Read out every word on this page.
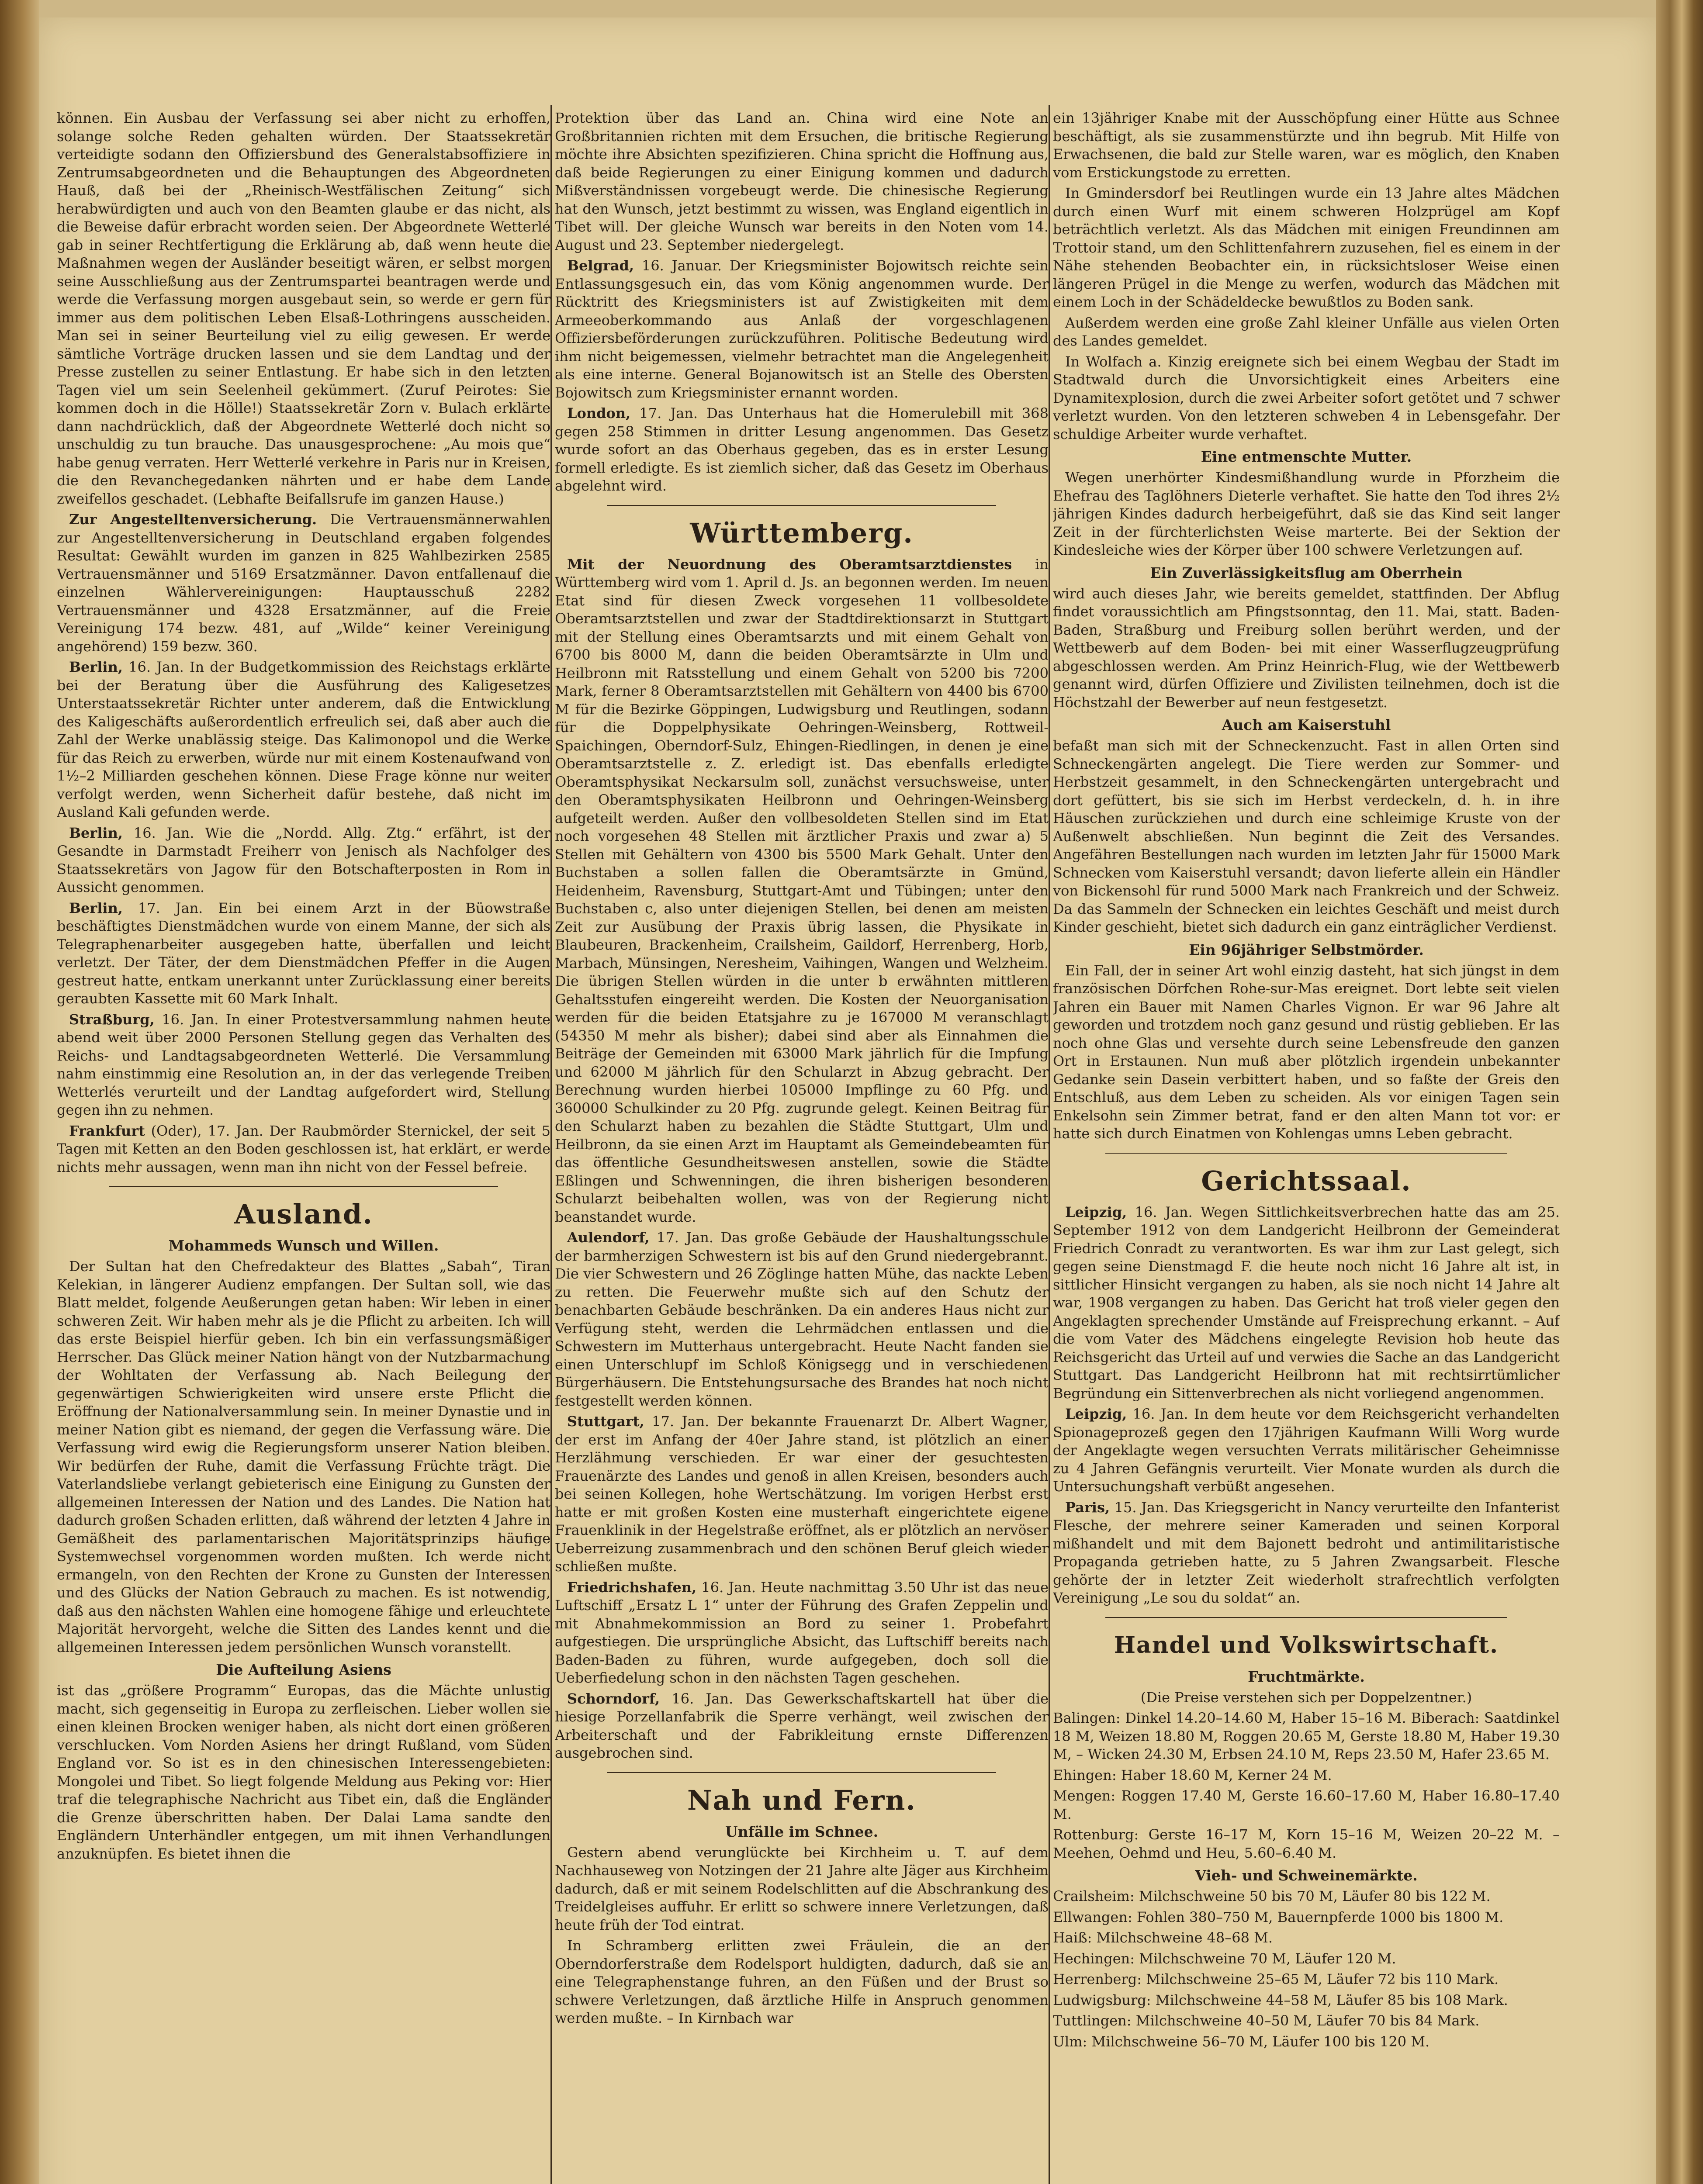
können. Ein Ausbau der Verfassung sei aber nicht zu erhoffen, solange solche Reden gehalten würden. Der Staatssekretär verteidigte sodann den Offiziersbund des Generalstabsoffiziere in Zentrumsabgeordneten und die Behauptungen des Abgeordneten Hauß, daß bei der „Rheinisch-Westfälischen Zeitung“ sich herabwürdigten und auch von den Beamten glaube er das nicht, als die Beweise dafür erbracht worden seien. Der Abgeordnete Wetterlé gab in seiner Rechtfertigung die Erklärung ab, daß wenn heute die Maßnahmen wegen der Ausländer beseitigt wären, er selbst morgen seine Ausschließung aus der Zentrumspartei beantragen werde und werde die Verfassung morgen ausgebaut sein, so werde er gern für immer aus dem politischen Leben Elsaß-Lothringens ausscheiden. Man sei in seiner Beurteilung viel zu eilig gewesen. Er werde sämtliche Vorträge drucken lassen und sie dem Landtag und der Presse zustellen zu seiner Entlastung. Er habe sich in den letzten Tagen viel um sein Seelenheil gekümmert. (Zuruf Peirotes: Sie kommen doch in die Hölle!) Staatssekretär Zorn v. Bulach erklärte dann nachdrücklich, daß der Abgeordnete Wetterlé doch nicht so unschuldig zu tun brauche. Das unausgesprochene: „Au mois que“ habe genug verraten. Herr Wetterlé verkehre in Paris nur in Kreisen, die den Revanchegedanken nährten und er habe dem Lande zweifellos geschadet. (Lebhafte Beifallsrufe im ganzen Hause.)

Zur Angestelltenversicherung. Die Vertrauensmännerwahlen zur Angestelltenversicherung in Deutschland ergaben folgendes Resultat: Gewählt wurden im ganzen in 825 Wahlbezirken 2585 Vertrauensmänner und 5169 Ersatzmänner. Davon entfallenauf die einzelnen Wählervereinigungen: Hauptausschuß 2282 Vertrauensmänner und 4328 Ersatzmänner, auf die Freie Vereinigung 174 bezw. 481, auf „Wilde“ keiner Vereinigung angehörend) 159 bezw. 360.

Berlin, 16. Jan. In der Budgetkommission des Reichstags erklärte bei der Beratung über die Ausführung des Kaligesetzes Unterstaatssekretär Richter unter anderem, daß die Entwicklung des Kaligeschäfts außerordentlich erfreulich sei, daß aber auch die Zahl der Werke unablässig steige. Das Kalimonopol und die Werke für das Reich zu erwerben, würde nur mit einem Kostenaufwand von 1½–2 Milliarden geschehen können. Diese Frage könne nur weiter verfolgt werden, wenn Sicherheit dafür bestehe, daß nicht im Ausland Kali gefunden werde.

Berlin, 16. Jan. Wie die „Nordd. Allg. Ztg.“ erfährt, ist der Gesandte in Darmstadt Freiherr von Jenisch als Nachfolger des Staatssekretärs von Jagow für den Botschafterposten in Rom in Aussicht genommen.

Berlin, 17. Jan. Ein bei einem Arzt in der Büowstraße beschäftigtes Dienstmädchen wurde von einem Manne, der sich als Telegraphenarbeiter ausgegeben hatte, überfallen und leicht verletzt. Der Täter, der dem Dienstmädchen Pfeffer in die Augen gestreut hatte, entkam unerkannt unter Zurücklassung einer bereits geraubten Kassette mit 60 Mark Inhalt.

Straßburg, 16. Jan. In einer Protestversammlung nahmen heute abend weit über 2000 Personen Stellung gegen das Verhalten des Reichs- und Landtagsabgeordneten Wetterlé. Die Versammlung nahm einstimmig eine Resolution an, in der das verlegende Treiben Wetterlés verurteilt und der Landtag aufgefordert wird, Stellung gegen ihn zu nehmen.

Frankfurt (Oder), 17. Jan. Der Raubmörder Sternickel, der seit 5 Tagen mit Ketten an den Boden geschlossen ist, hat erklärt, er werde nichts mehr aussagen, wenn man ihn nicht von der Fessel befreie.

Ausland.
Mohammeds Wunsch und Willen.

Der Sultan hat den Chefredakteur des Blattes „Sabah“, Tiran Kelekian, in längerer Audienz empfangen. Der Sultan soll, wie das Blatt meldet, folgende Aeußerungen getan haben: Wir leben in einer schweren Zeit. Wir haben mehr als je die Pflicht zu arbeiten. Ich will das erste Beispiel hierfür geben. Ich bin ein verfassungsmäßiger Herrscher. Das Glück meiner Nation hängt von der Nutzbarmachung der Wohltaten der Verfassung ab. Nach Beilegung der gegenwärtigen Schwierigkeiten wird unsere erste Pflicht die Eröffnung der Nationalversammlung sein. In meiner Dynastie und in meiner Nation gibt es niemand, der gegen die Verfassung wäre. Die Verfassung wird ewig die Regierungsform unserer Nation bleiben. Wir bedürfen der Ruhe, damit die Verfassung Früchte trägt. Die Vaterlandsliebe verlangt gebieterisch eine Einigung zu Gunsten der allgemeinen Interessen der Nation und des Landes. Die Nation hat dadurch großen Schaden erlitten, daß während der letzten 4 Jahre in Gemäßheit des parlamentarischen Majoritätsprinzips häufige Systemwechsel vorgenommen worden mußten. Ich werde nicht ermangeln, von den Rechten der Krone zu Gunsten der Interessen und des Glücks der Nation Gebrauch zu machen. Es ist notwendig, daß aus den nächsten Wahlen eine homogene fähige und erleuchtete Majorität hervorgeht, welche die Sitten des Landes kennt und die allgemeinen Interessen jedem persönlichen Wunsch voranstellt.

Die Aufteilung Asiens

ist das „größere Programm“ Europas, das die Mächte unlustig macht, sich gegenseitig in Europa zu zerfleischen. Lieber wollen sie einen kleinen Brocken weniger haben, als nicht dort einen größeren verschlucken. Vom Norden Asiens her dringt Rußland, vom Süden England vor. So ist es in den chinesischen Interessengebieten: Mongolei und Tibet. So liegt folgende Meldung aus Peking vor: Hier traf die telegraphische Nachricht aus Tibet ein, daß die Engländer die Grenze überschritten haben. Der Dalai Lama sandte den Engländern Unterhändler entgegen, um mit ihnen Verhandlungen anzuknüpfen. Es bietet ihnen die

Protektion über das Land an. China wird eine Note an Großbritannien richten mit dem Ersuchen, die britische Regierung möchte ihre Absichten spezifizieren. China spricht die Hoffnung aus, daß beide Regierungen zu einer Einigung kommen und dadurch Mißverständnissen vorgebeugt werde. Die chinesische Regierung hat den Wunsch, jetzt bestimmt zu wissen, was England eigentlich in Tibet will. Der gleiche Wunsch war bereits in den Noten vom 14. August und 23. September niedergelegt.

Belgrad, 16. Januar. Der Kriegsminister Bojowitsch reichte sein Entlassungsgesuch ein, das vom König angenommen wurde. Der Rücktritt des Kriegsministers ist auf Zwistigkeiten mit dem Armeeoberkommando aus Anlaß der vorgeschlagenen Offiziersbeförderungen zurückzuführen. Politische Bedeutung wird ihm nicht beigemessen, vielmehr betrachtet man die Angelegenheit als eine interne. General Bojanowitsch ist an Stelle des Obersten Bojowitsch zum Kriegsminister ernannt worden.

London, 17. Jan. Das Unterhaus hat die Homerulebill mit 368 gegen 258 Stimmen in dritter Lesung angenommen. Das Gesetz wurde sofort an das Oberhaus gegeben, das es in erster Lesung formell erledigte. Es ist ziemlich sicher, daß das Gesetz im Oberhaus abgelehnt wird.

Württemberg.

Mit der Neuordnung des Oberamtsarztdienstes in Württemberg wird vom 1. April d. Js. an begonnen werden. Im neuen Etat sind für diesen Zweck vorgesehen 11 vollbesoldete Oberamtsarztstellen und zwar der Stadtdirektionsarzt in Stuttgart mit der Stellung eines Oberamtsarzts und mit einem Gehalt von 6700 bis 8000 M, dann die beiden Oberamtsärzte in Ulm und Heilbronn mit Ratsstellung und einem Gehalt von 5200 bis 7200 Mark, ferner 8 Oberamtsarztstellen mit Gehältern von 4400 bis 6700 M für die Bezirke Göppingen, Ludwigsburg und Reutlingen, sodann für die Doppelphysikate Oehringen-Weinsberg, Rottweil-Spaichingen, Oberndorf-Sulz, Ehingen-Riedlingen, in denen je eine Oberamtsarztstelle z. Z. erledigt ist. Das ebenfalls erledigte Oberamtsphysikat Neckarsulm soll, zunächst versuchsweise, unter den Oberamtsphysikaten Heilbronn und Oehringen-Weinsberg aufgeteilt werden. Außer den vollbesoldeten Stellen sind im Etat noch vorgesehen 48 Stellen mit ärztlicher Praxis und zwar a) 5 Stellen mit Gehältern von 4300 bis 5500 Mark Gehalt. Unter den Buchstaben a sollen fallen die Oberamtsärzte in Gmünd, Heidenheim, Ravensburg, Stuttgart-Amt und Tübingen; unter den Buchstaben c, also unter diejenigen Stellen, bei denen am meisten Zeit zur Ausübung der Praxis übrig lassen, die Physikate in Blaubeuren, Brackenheim, Crailsheim, Gaildorf, Herrenberg, Horb, Marbach, Münsingen, Neresheim, Vaihingen, Wangen und Welzheim. Die übrigen Stellen würden in die unter b erwähnten mittleren Gehaltsstufen eingereiht werden. Die Kosten der Neuorganisation werden für die beiden Etatsjahre zu je 167000 M veranschlagt (54350 M mehr als bisher); dabei sind aber als Einnahmen die Beiträge der Gemeinden mit 63000 Mark jährlich für die Impfung und 62000 M jährlich für den Schularzt in Abzug gebracht. Der Berechnung wurden hierbei 105000 Impflinge zu 60 Pfg. und 360000 Schulkinder zu 20 Pfg. zugrunde gelegt. Keinen Beitrag für den Schularzt haben zu bezahlen die Städte Stuttgart, Ulm und Heilbronn, da sie einen Arzt im Hauptamt als Gemeindebeamten für das öffentliche Gesundheitswesen anstellen, sowie die Städte Eßlingen und Schwenningen, die ihren bisherigen besonderen Schularzt beibehalten wollen, was von der Regierung nicht beanstandet wurde.

Aulendorf, 17. Jan. Das große Gebäude der Haushaltungsschule der barmherzigen Schwestern ist bis auf den Grund niedergebrannt. Die vier Schwestern und 26 Zöglinge hatten Mühe, das nackte Leben zu retten. Die Feuerwehr mußte sich auf den Schutz der benachbarten Gebäude beschränken. Da ein anderes Haus nicht zur Verfügung steht, werden die Lehrmädchen entlassen und die Schwestern im Mutterhaus untergebracht. Heute Nacht fanden sie einen Unterschlupf im Schloß Königsegg und in verschiedenen Bürgerhäusern. Die Entstehungsursache des Brandes hat noch nicht festgestellt werden können.

Stuttgart, 17. Jan. Der bekannte Frauenarzt Dr. Albert Wagner, der erst im Anfang der 40er Jahre stand, ist plötzlich an einer Herzlähmung verschieden. Er war einer der gesuchtesten Frauenärzte des Landes und genoß in allen Kreisen, besonders auch bei seinen Kollegen, hohe Wertschätzung. Im vorigen Herbst erst hatte er mit großen Kosten eine musterhaft eingerichtete eigene Frauenklinik in der Hegelstraße eröffnet, als er plötzlich an nervöser Ueberreizung zusammenbrach und den schönen Beruf gleich wieder schließen mußte.

Friedrichshafen, 16. Jan. Heute nachmittag 3.50 Uhr ist das neue Luftschiff „Ersatz L 1“ unter der Führung des Grafen Zeppelin und mit Abnahmekommission an Bord zu seiner 1. Probefahrt aufgestiegen. Die ursprüngliche Absicht, das Luftschiff bereits nach Baden-Baden zu führen, wurde aufgegeben, doch soll die Ueberfiedelung schon in den nächsten Tagen geschehen.

Schorndorf, 16. Jan. Das Gewerkschaftskartell hat über die hiesige Porzellanfabrik die Sperre verhängt, weil zwischen der Arbeiterschaft und der Fabrikleitung ernste Differenzen ausgebrochen sind.

Nah und Fern.
Unfälle im Schnee.

Gestern abend verunglückte bei Kirchheim u. T. auf dem Nachhauseweg von Notzingen der 21 Jahre alte Jäger aus Kirchheim dadurch, daß er mit seinem Rodelschlitten auf die Abschrankung des Treidelgleises auffuhr. Er erlitt so schwere innere Verletzungen, daß heute früh der Tod eintrat.

In Schramberg erlitten zwei Fräulein, die an der Oberndorferstraße dem Rodelsport huldigten, dadurch, daß sie an eine Telegraphenstange fuhren, an den Füßen und der Brust so schwere Verletzungen, daß ärztliche Hilfe in Anspruch genommen werden mußte. – In Kirnbach war

ein 13jähriger Knabe mit der Ausschöpfung einer Hütte aus Schnee beschäftigt, als sie zusammenstürzte und ihn begrub. Mit Hilfe von Erwachsenen, die bald zur Stelle waren, war es möglich, den Knaben vom Erstickungstode zu erretten.

In Gmindersdorf bei Reutlingen wurde ein 13 Jahre altes Mädchen durch einen Wurf mit einem schweren Holzprügel am Kopf beträchtlich verletzt. Als das Mädchen mit einigen Freundinnen am Trottoir stand, um den Schlittenfahrern zuzusehen, fiel es einem in der Nähe stehenden Beobachter ein, in rücksichtsloser Weise einen längeren Prügel in die Menge zu werfen, wodurch das Mädchen mit einem Loch in der Schädeldecke bewußtlos zu Boden sank.

Außerdem werden eine große Zahl kleiner Unfälle aus vielen Orten des Landes gemeldet.

In Wolfach a. Kinzig ereignete sich bei einem Wegbau der Stadt im Stadtwald durch die Unvorsichtigkeit eines Arbeiters eine Dynamitexplosion, durch die zwei Arbeiter sofort getötet und 7 schwer verletzt wurden. Von den letzteren schweben 4 in Lebensgefahr. Der schuldige Arbeiter wurde verhaftet.

Eine entmenschte Mutter.

Wegen unerhörter Kindesmißhandlung wurde in Pforzheim die Ehefrau des Taglöhners Dieterle verhaftet. Sie hatte den Tod ihres 2½ jährigen Kindes dadurch herbeigeführt, daß sie das Kind seit langer Zeit in der fürchterlichsten Weise marterte. Bei der Sektion der Kindesleiche wies der Körper über 100 schwere Verletzungen auf.

Ein Zuverlässigkeitsflug am Oberrhein

wird auch dieses Jahr, wie bereits gemeldet, stattfinden. Der Abflug findet voraussichtlich am Pfingstsonntag, den 11. Mai, statt. Baden-Baden, Straßburg und Freiburg sollen berührt werden, und der Wettbewerb auf dem Boden- bei mit einer Wasserflugzeugprüfung abgeschlossen werden. Am Prinz Heinrich-Flug, wie der Wettbewerb genannt wird, dürfen Offiziere und Zivilisten teilnehmen, doch ist die Höchstzahl der Bewerber auf neun festgesetzt.

Auch am Kaiserstuhl

befaßt man sich mit der Schneckenzucht. Fast in allen Orten sind Schneckengärten angelegt. Die Tiere werden zur Sommer- und Herbstzeit gesammelt, in den Schneckengärten untergebracht und dort gefüttert, bis sie sich im Herbst verdeckeln, d. h. in ihre Häuschen zurückziehen und durch eine schleimige Kruste von der Außenwelt abschließen. Nun beginnt die Zeit des Versandes. Angefähren Bestellungen nach wurden im letzten Jahr für 15000 Mark Schnecken vom Kaiserstuhl versandt; davon lieferte allein ein Händler von Bickensohl für rund 5000 Mark nach Frankreich und der Schweiz. Da das Sammeln der Schnecken ein leichtes Geschäft und meist durch Kinder geschieht, bietet sich dadurch ein ganz einträglicher Verdienst.

Ein 96jähriger Selbstmörder.

Ein Fall, der in seiner Art wohl einzig dasteht, hat sich jüngst in dem französischen Dörfchen Rohe-sur-Mas ereignet. Dort lebte seit vielen Jahren ein Bauer mit Namen Charles Vignon. Er war 96 Jahre alt geworden und trotzdem noch ganz gesund und rüstig geblieben. Er las noch ohne Glas und versehte durch seine Lebensfreude den ganzen Ort in Erstaunen. Nun muß aber plötzlich irgendein unbekannter Gedanke sein Dasein verbittert haben, und so faßte der Greis den Entschluß, aus dem Leben zu scheiden. Als vor einigen Tagen sein Enkelsohn sein Zimmer betrat, fand er den alten Mann tot vor: er hatte sich durch Einatmen von Kohlengas umns Leben gebracht.

Gerichtssaal.

Leipzig, 16. Jan. Wegen Sittlichkeitsverbrechen hatte das am 25. September 1912 von dem Landgericht Heilbronn der Gemeinderat Friedrich Conradt zu verantworten. Es war ihm zur Last gelegt, sich gegen seine Dienstmagd F. die heute noch nicht 16 Jahre alt ist, in sittlicher Hinsicht vergangen zu haben, als sie noch nicht 14 Jahre alt war, 1908 vergangen zu haben. Das Gericht hat troß vieler gegen den Angeklagten sprechender Umstände auf Freisprechung erkannt. – Auf die vom Vater des Mädchens eingelegte Revision hob heute das Reichsgericht das Urteil auf und verwies die Sache an das Landgericht Stuttgart. Das Landgericht Heilbronn hat mit rechtsirrtümlicher Begründung ein Sittenverbrechen als nicht vorliegend angenommen.

Leipzig, 16. Jan. In dem heute vor dem Reichsgericht verhandelten Spionageprozeß gegen den 17jährigen Kaufmann Willi Worg wurde der Angeklagte wegen versuchten Verrats militärischer Geheimnisse zu 4 Jahren Gefängnis verurteilt. Vier Monate wurden als durch die Untersuchungshaft verbüßt angesehen.

Paris, 15. Jan. Das Kriegsgericht in Nancy verurteilte den Infanterist Flesche, der mehrere seiner Kameraden und seinen Korporal mißhandelt und mit dem Bajonett bedroht und antimilitaristische Propaganda getrieben hatte, zu 5 Jahren Zwangsarbeit. Flesche gehörte der in letzter Zeit wiederholt strafrechtlich verfolgten Vereinigung „Le sou du soldat“ an.

Handel und Volkswirtschaft.
Fruchtmärkte.

(Die Preise verstehen sich per Doppelzentner.)

Balingen: Dinkel 14.20–14.60 M, Haber 15–16 M. Biberach: Saatdinkel 18 M, Weizen 18.80 M, Roggen 20.65 M, Gerste 18.80 M, Haber 19.30 M, – Wicken 24.30 M, Erbsen 24.10 M, Reps 23.50 M, Hafer 23.65 M.

Ehingen: Haber 18.60 M, Kerner 24 M.

Mengen: Roggen 17.40 M, Gerste 16.60–17.60 M, Haber 16.80–17.40 M.

Rottenburg: Gerste 16–17 M, Korn 15–16 M, Weizen 20–22 M. – Meehen, Oehmd und Heu, 5.60–6.40 M.

Vieh- und Schweinemärkte.

Crailsheim: Milchschweine 50 bis 70 M, Läufer 80 bis 122 M.

Ellwangen: Fohlen 380–750 M, Bauernpferde 1000 bis 1800 M.

Haiß: Milchschweine 48–68 M.

Hechingen: Milchschweine 70 M, Läufer 120 M.

Herrenberg: Milchschweine 25–65 M, Läufer 72 bis 110 Mark.

Ludwigsburg: Milchschweine 44–58 M, Läufer 85 bis 108 Mark.

Tuttlingen: Milchschweine 40–50 M, Läufer 70 bis 84 Mark.

Ulm: Milchschweine 56–70 M, Läufer 100 bis 120 M.
